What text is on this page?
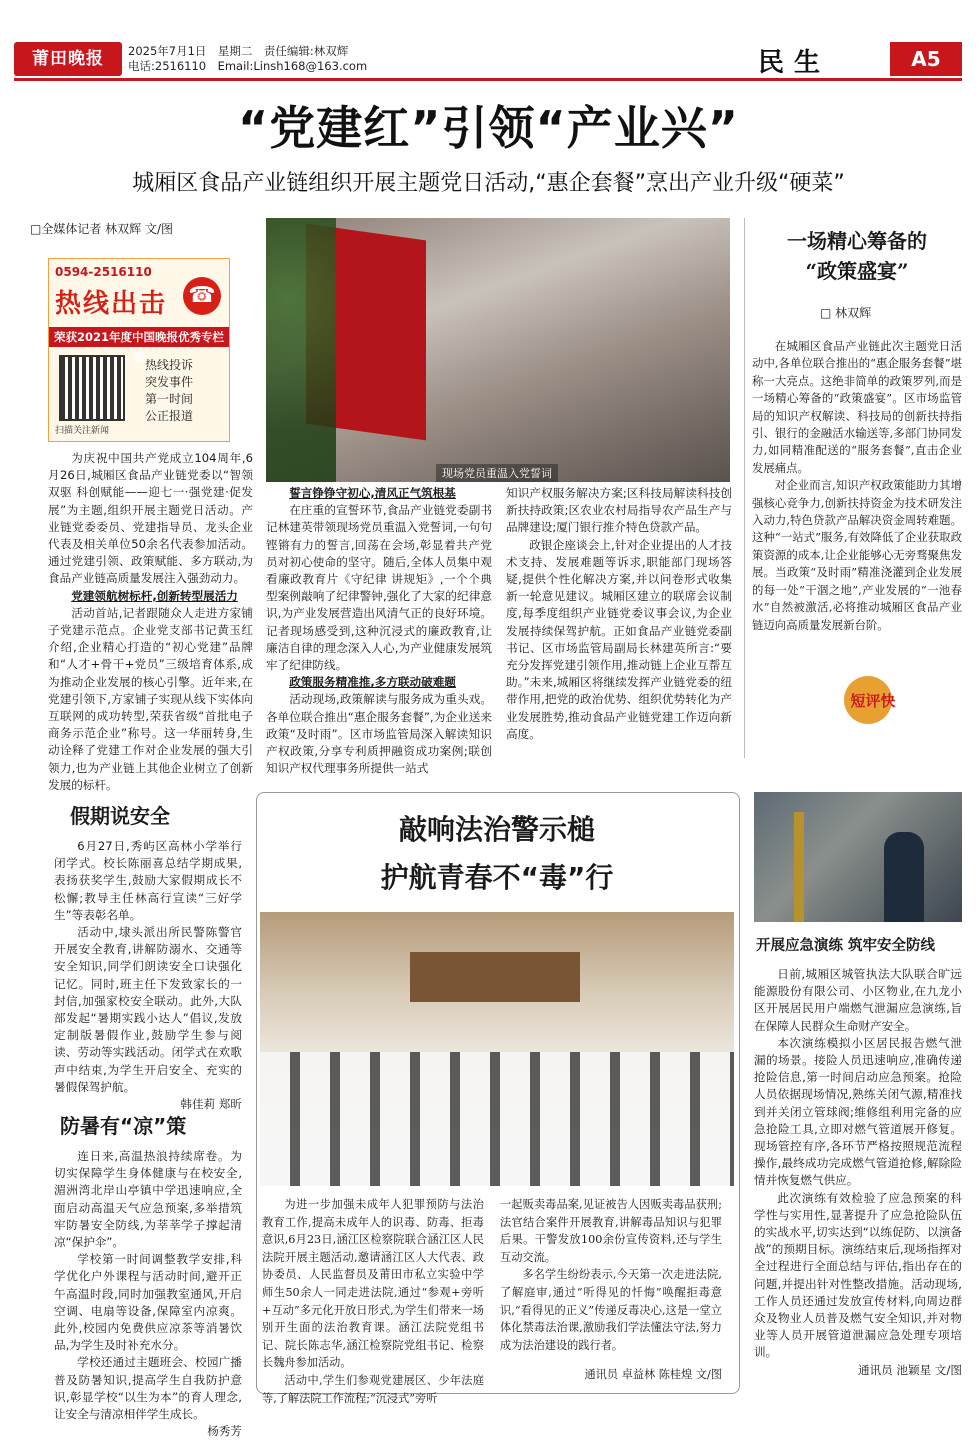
莆田晚报	2025年7月1日　星期二　责任编辑:林双辉
电话:2516110　Email:Linsh168@163.com	民生	A5
“党建红”引领“产业兴”
城厢区食品产业链组织开展主题党日活动,“惠企套餐”烹出产业升级“硬菜”
□全媒体记者 林双辉 文/图
0594-2516110
热线出击 ☎
荣获2021年度中国晚报优秀专栏奖
扫描关注新闻
热线投诉
突发事件
第一时间
公正报道
现场党员重温入党誓词

为庆祝中国共产党成立104周年,6月26日,城厢区食品产业链党委以“智领双驱 科创赋能——迎七一·强党建·促发展”为主题,组织开展主题党日活动。产业链党委委员、党建指导员、龙头企业代表及相关单位50余名代表参加活动。通过党建引领、政策赋能、多方联动,为食品产业链高质量发展注入强劲动力。

党建领航树标杆,创新转型展活力

活动首站,记者跟随众人走进方家铺子党建示范点。企业党支部书记黄玉红介绍,企业精心打造的“初心党建”品牌和“人才+骨干+党员”三级培育体系,成为推动企业发展的核心引擎。近年来,在党建引领下,方家铺子实现从线下实体向互联网的成功转型,荣获省级“首批电子商务示范企业”称号。这一华丽转身,生动诠释了党建工作对企业发展的强大引领力,也为产业链上其他企业树立了创新发展的标杆。

誓言铮铮守初心,清风正气筑根基

在庄重的宣誓环节,食品产业链党委副书记林建英带领现场党员重温入党誓词,一句句铿锵有力的誓言,回荡在会场,彰显着共产党员对初心使命的坚守。随后,全体人员集中观看廉政教育片《守纪律 讲规矩》,一个个典型案例敲响了纪律警钟,强化了大家的纪律意识,为产业发展营造出风清气正的良好环境。记者现场感受到,这种沉浸式的廉政教育,让廉洁自律的理念深入人心,为产业健康发展筑牢了纪律防线。

政策服务精准推,多方联动破难题

活动现场,政策解读与服务成为重头戏。各单位联合推出“惠企服务套餐”,为企业送来政策“及时雨”。区市场监管局深入解读知识产权政策,分享专利质押融资成功案例;联创知识产权代理事务所提供一站式

知识产权服务解决方案;区科技局解读科技创新扶持政策;区农业农村局指导农产品生产与品牌建设;厦门银行推介特色贷款产品。

政银企座谈会上,针对企业提出的人才技术支持、发展难题等诉求,职能部门现场答疑,提供个性化解决方案,并以问卷形式收集新一轮意见建议。城厢区建立的联席会议制度,每季度组织产业链党委议事会议,为企业发展持续保驾护航。正如食品产业链党委副书记、区市场监管局副局长林建英所言:“要充分发挥党建引领作用,推动链上企业互帮互助。”未来,城厢区将继续发挥产业链党委的纽带作用,把党的政治优势、组织优势转化为产业发展胜势,推动食品产业链党建工作迈向新高度。

一场精心筹备的
“政策盛宴”
□ 林双辉

在城厢区食品产业链此次主题党日活动中,各单位联合推出的“惠企服务套餐”堪称一大亮点。这绝非简单的政策罗列,而是一场精心筹备的“政策盛宴”。区市场监管局的知识产权解读、科技局的创新扶持指引、银行的金融活水输送等,多部门协同发力,如同精准配送的“服务套餐”,直击企业发展痛点。

对企业而言,知识产权政策能助力其增强核心竞争力,创新扶持资金为技术研发注入动力,特色贷款产品解决资金周转难题。这种“一站式”服务,有效降低了企业获取政策资源的成本,让企业能够心无旁骛聚焦发展。当政策“及时雨”精准浇灌到企业发展的每一处“干涸之地”,产业发展的“一池春水”自然被激活,必将推动城厢区食品产业链迈向高质量发展新台阶。

短评快
假期说安全

6月27日,秀屿区高林小学举行闭学式。校长陈丽喜总结学期成果,表扬获奖学生,鼓励大家假期成长不松懈;教导主任林高行宣读“三好学生”等表彰名单。

活动中,埭头派出所民警陈警官开展安全教育,讲解防溺水、交通等安全知识,同学们朗读安全口诀强化记忆。同时,班主任下发致家长的一封信,加强家校安全联动。此外,大队部发起“暑期实践小达人”倡议,发放定制版暑假作业,鼓励学生参与阅读、劳动等实践活动。闭学式在欢歌声中结束,为学生开启安全、充实的暑假保驾护航。

韩佳莉 郑昕

防暑有“凉”策

连日来,高温热浪持续席卷。为切实保障学生身体健康与在校安全,湄洲湾北岸山亭镇中学迅速响应,全面启动高温天气应急预案,多举措筑牢防暑安全防线,为莘莘学子撑起清凉“保护伞”。

学校第一时间调整教学安排,科学优化户外课程与活动时间,避开正午高温时段,同时加强教室通风,开启空调、电扇等设备,保障室内凉爽。此外,校园内免费供应凉茶等消暑饮品,为学生及时补充水分。

学校还通过主题班会、校园广播普及防暑知识,提高学生自我防护意识,彰显学校“以生为本”的育人理念,让安全与清凉相伴学生成长。

杨秀芳

敲响法治警示槌
护航青春不“毒”行

为进一步加强未成年人犯罪预防与法治教育工作,提高未成年人的识毒、防毒、拒毒意识,6月23日,涵江区检察院联合涵江区人民法院开展主题活动,邀请涵江区人大代表、政协委员、人民监督员及莆田市私立实验中学师生50余人一同走进法院,通过“参观+旁听+互动”多元化开放日形式,为学生们带来一场别开生面的法治教育课。涵江法院党组书记、院长陈志华,涵江检察院党组书记、检察长魏舟参加活动。

活动中,学生们参观党建展区、少年法庭等,了解法院工作流程;“沉浸式”旁听

一起贩卖毒品案,见证被告人因贩卖毒品获刑;法官结合案件开展教育,讲解毒品知识与犯罪后果。干警发放100余份宣传资料,还与学生互动交流。

多名学生纷纷表示,今天第一次走进法院,了解庭审,通过“听得见的忏悔”唤醒拒毒意识,“看得见的正义”传递反毒决心,这是一堂立体化禁毒法治课,激励我们学法懂法守法,努力成为法治建设的践行者。

通讯员 卓益林 陈桂煌 文/图

开展应急演练 筑牢安全防线

日前,城厢区城管执法大队联合旷远能源股份有限公司、小区物业,在九龙小区开展居民用户端燃气泄漏应急演练,旨在保障人民群众生命财产安全。

本次演练模拟小区居民报告燃气泄漏的场景。接险人员迅速响应,准确传递抢险信息,第一时间启动应急预案。抢险人员依据现场情况,熟练关闭气源,精准找到并关闭立管球阀;维修组利用完备的应急抢险工具,立即对燃气管道展开修复。现场管控有序,各环节严格按照规范流程操作,最终成功完成燃气管道抢修,解除险情并恢复燃气供应。

此次演练有效检验了应急预案的科学性与实用性,显著提升了应急抢险队伍的实战水平,切实达到“以练促防、以演备战”的预期目标。演练结束后,现场指挥对全过程进行全面总结与评估,指出存在的问题,并提出针对性整改措施。活动现场,工作人员还通过发放宣传材料,向周边群众及物业人员普及燃气安全知识,并对物业等人员开展管道泄漏应急处理专项培训。

通讯员 池颖星 文/图
